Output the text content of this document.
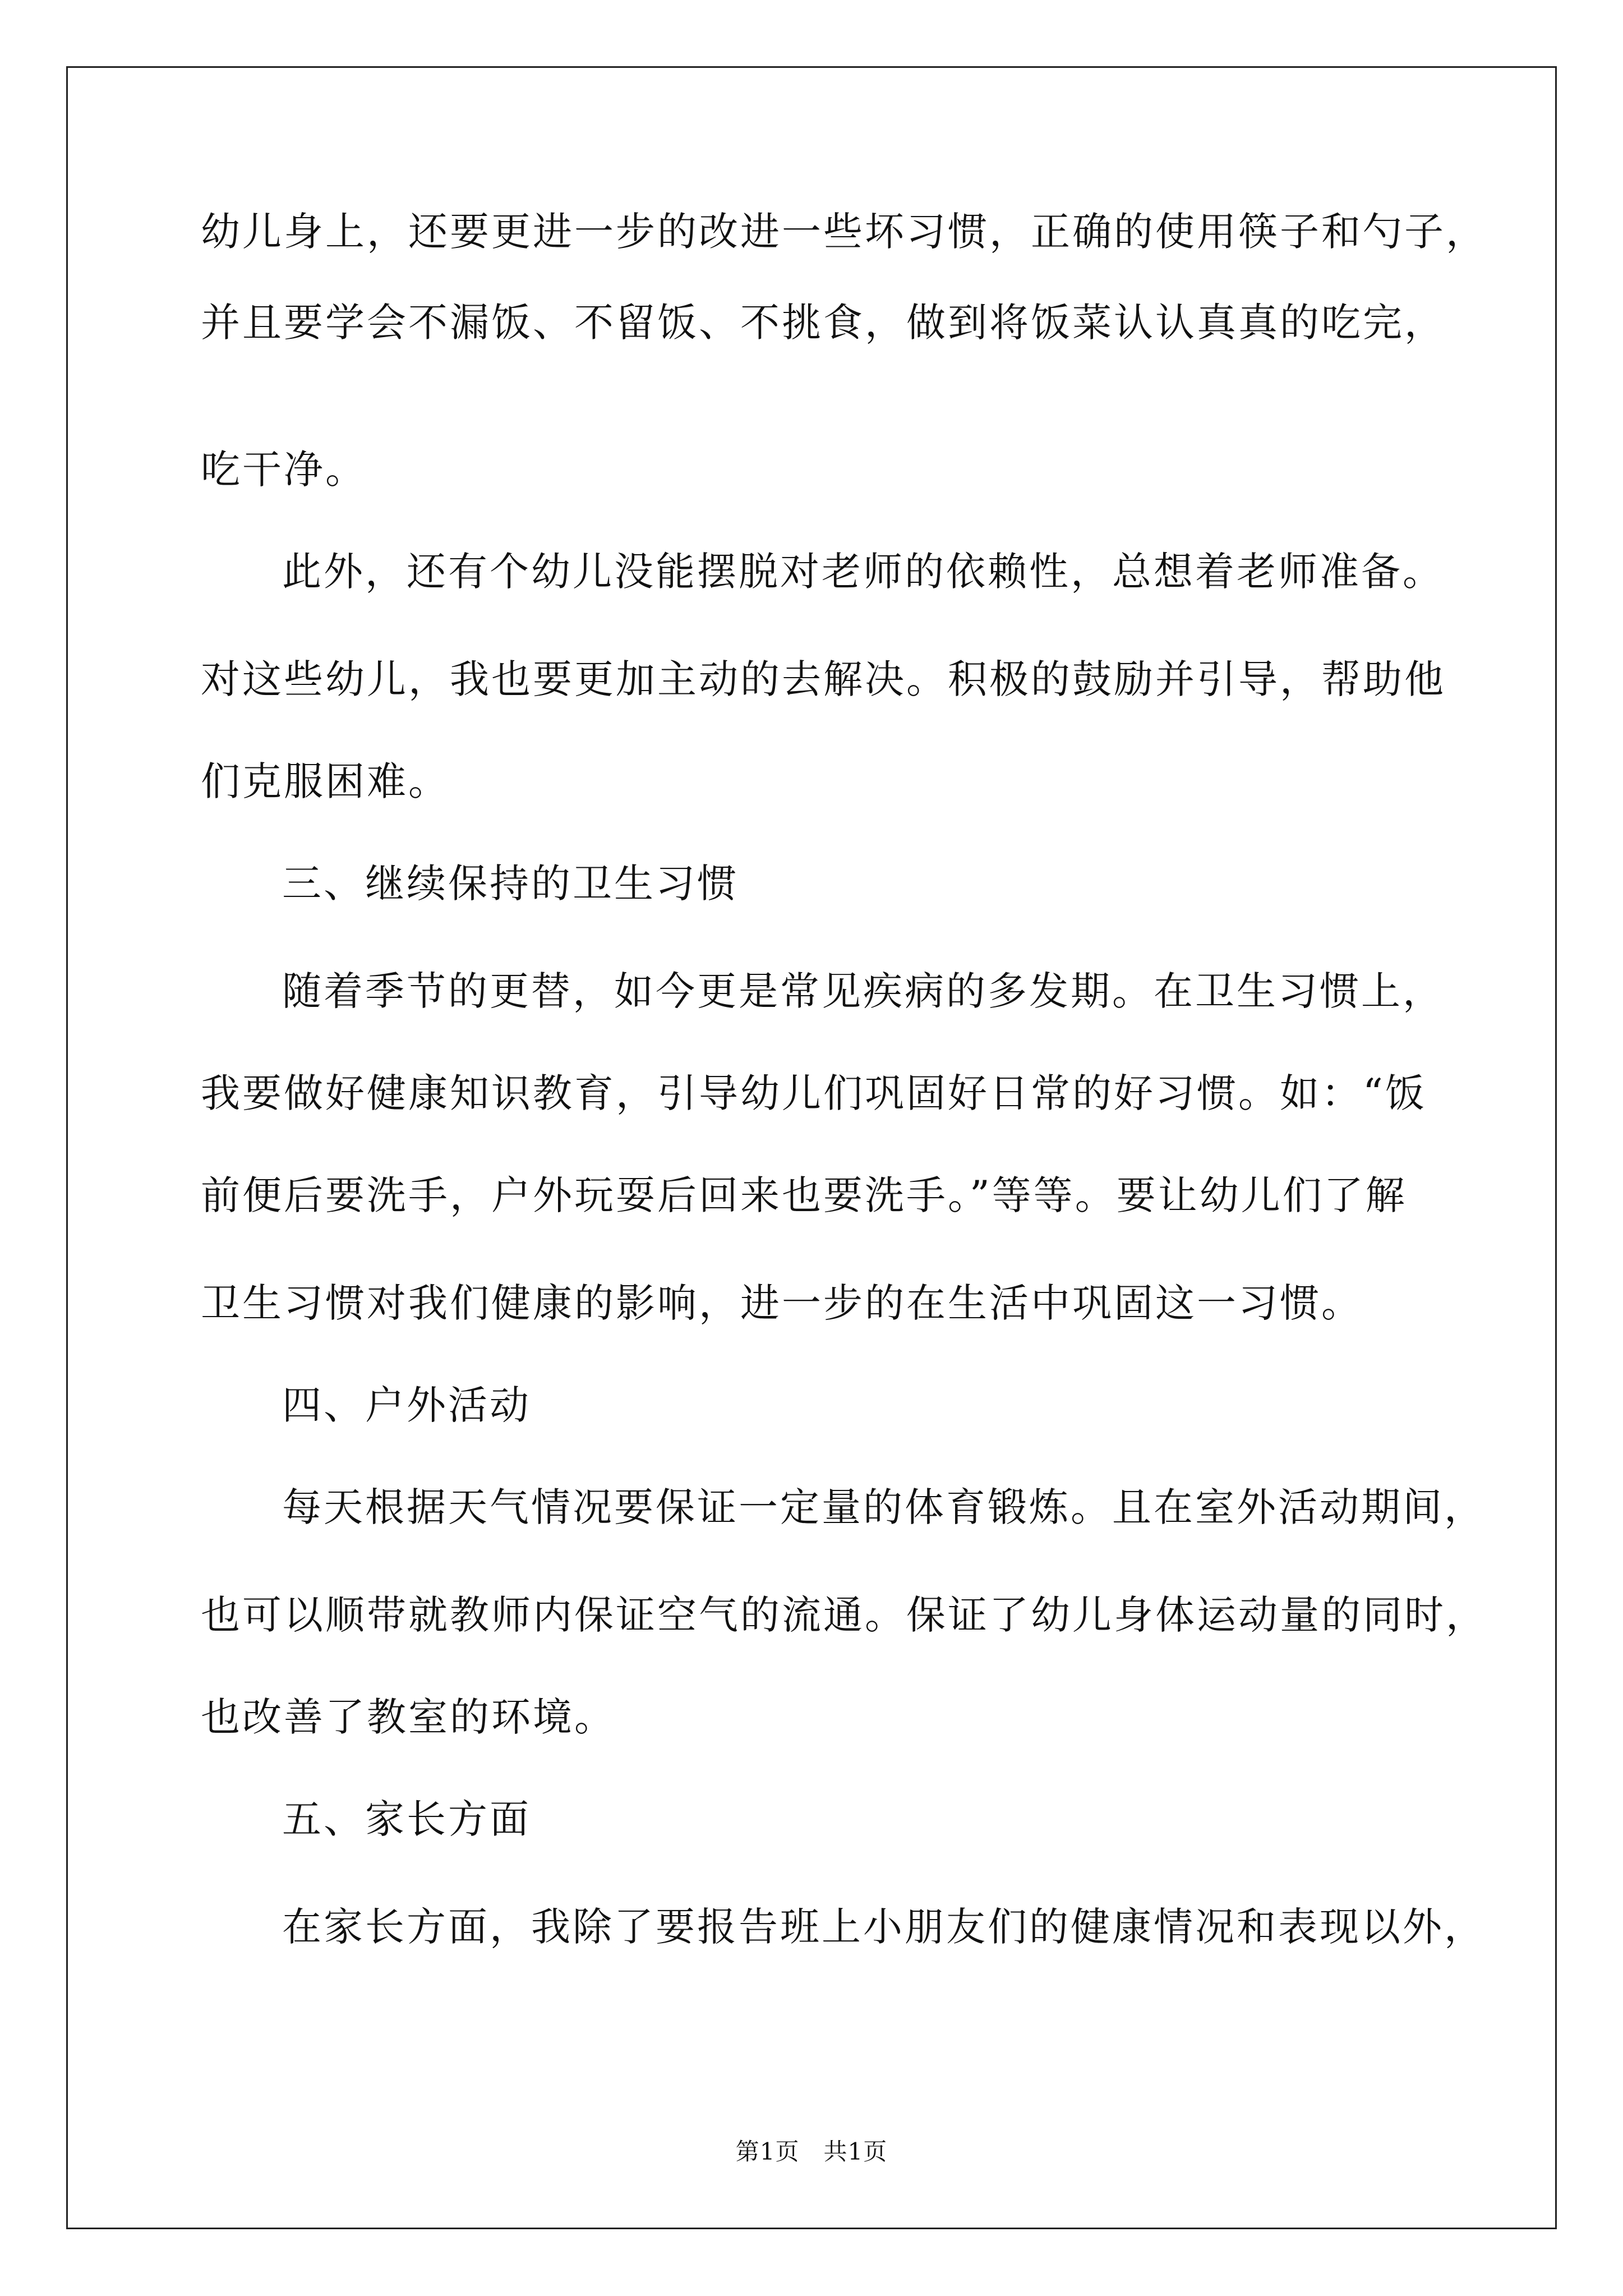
幼儿身上，还要更进一步的改进一些坏习惯，正确的使用筷子和勺子，
并且要学会不漏饭、不留饭、不挑食，做到将饭菜认认真真的吃完，
吃干净。
此外，还有个幼儿没能摆脱对老师的依赖性，总想着老师准备。
对这些幼儿，我也要更加主动的去解决。积极的鼓励并引导，帮助他
们克服困难。
三、继续保持的卫生习惯
随着季节的更替，如今更是常见疾病的多发期。在卫生习惯上，
我要做好健康知识教育，引导幼儿们巩固好日常的好习惯。如：“饭
前便后要洗手，户外玩耍后回来也要洗手。”等等。要让幼儿们了解
卫生习惯对我们健康的影响，进一步的在生活中巩固这一习惯。
四、户外活动
每天根据天气情况要保证一定量的体育锻炼。且在室外活动期间，
也可以顺带就教师内保证空气的流通。保证了幼儿身体运动量的同时，
也改善了教室的环境。
五、家长方面
在家长方面，我除了要报告班上小朋友们的健康情况和表现以外，
第1页　共1页
